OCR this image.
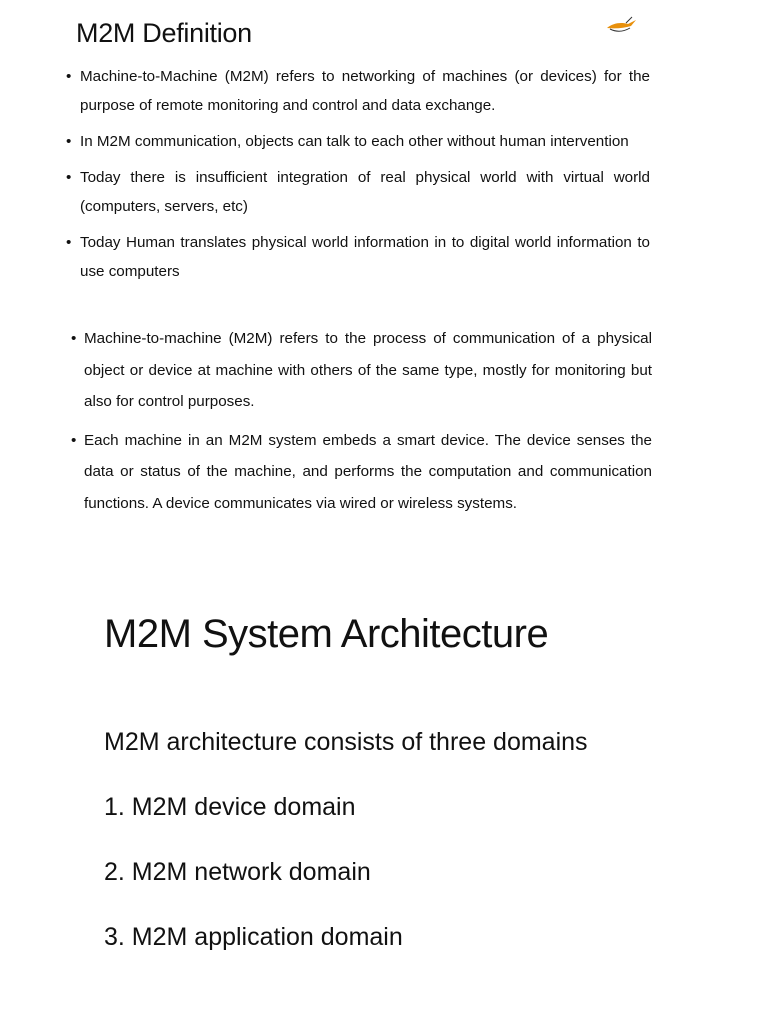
M2M Definition
• Machine-to-Machine (M2M) refers to networking of machines (or devices) for the purpose of remote monitoring and control and data exchange.
• In M2M communication, objects can talk to each other without human intervention
• Today there is insufficient integration of real physical world with virtual world (computers, servers, etc)
• Today Human translates physical world information in to digital world information to use computers
• Machine-to-machine (M2M) refers to the process of communication of a physical object or device at machine with others of the same type, mostly for monitoring but also for control purposes.
• Each machine in an M2M system embeds a smart device. The device senses the data or status of the machine, and performs the computation and communication functions. A device communicates via wired or wireless systems.
M2M System Architecture

M2M architecture consists of three domains

1. M2M device domain

2. M2M network domain

3. M2M application domain
